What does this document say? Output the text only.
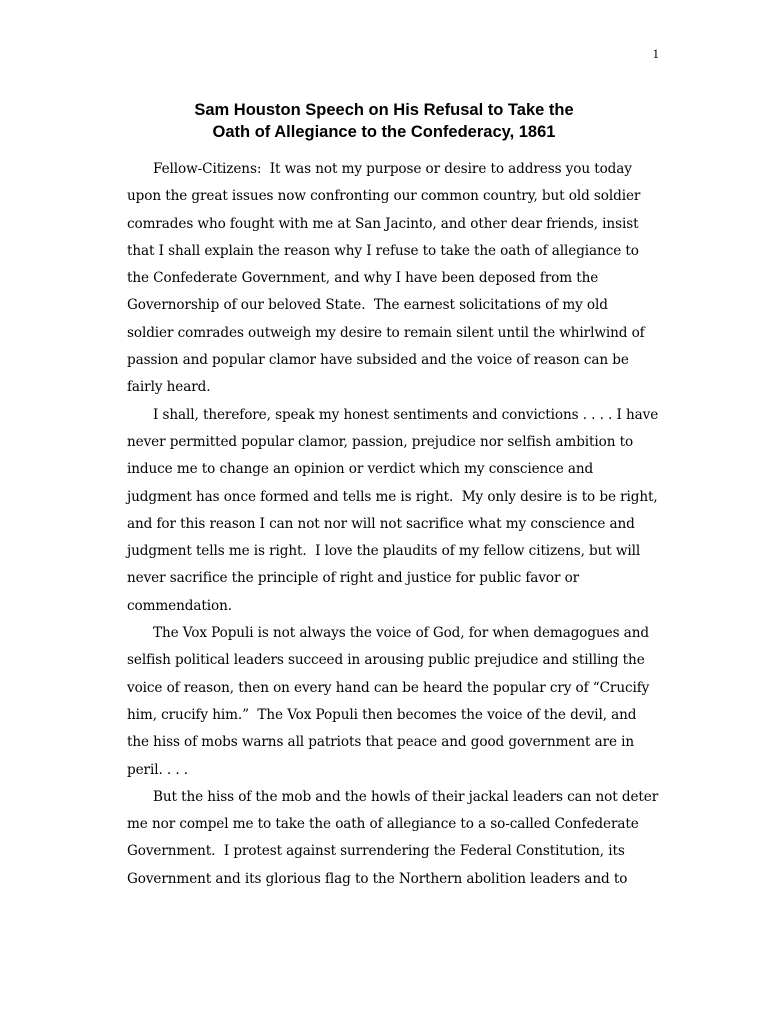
1
Sam Houston Speech on His Refusal to Take the
Oath of Allegiance to the Confederacy, 1861
Fellow-Citizens:  It was not my purpose or desire to address you today
upon the great issues now confronting our common country, but old soldier
comrades who fought with me at San Jacinto, and other dear friends, insist
that I shall explain the reason why I refuse to take the oath of allegiance to
the Confederate Government, and why I have been deposed from the
Governorship of our beloved State.  The earnest solicitations of my old
soldier comrades outweigh my desire to remain silent until the whirlwind of
passion and popular clamor have subsided and the voice of reason can be
fairly heard.
I shall, therefore, speak my honest sentiments and convictions . . . . I have
never permitted popular clamor, passion, prejudice nor selfish ambition to
induce me to change an opinion or verdict which my conscience and
judgment has once formed and tells me is right.  My only desire is to be right,
and for this reason I can not nor will not sacrifice what my conscience and
judgment tells me is right.  I love the plaudits of my fellow citizens, but will
never sacrifice the principle of right and justice for public favor or
commendation.
The Vox Populi is not always the voice of God, for when demagogues and
selfish political leaders succeed in arousing public prejudice and stilling the
voice of reason, then on every hand can be heard the popular cry of “Crucify
him, crucify him.”  The Vox Populi then becomes the voice of the devil, and
the hiss of mobs warns all patriots that peace and good government are in
peril. . . .
But the hiss of the mob and the howls of their jackal leaders can not deter
me nor compel me to take the oath of allegiance to a so-called Confederate
Government.  I protest against surrendering the Federal Constitution, its
Government and its glorious flag to the Northern abolition leaders and to
